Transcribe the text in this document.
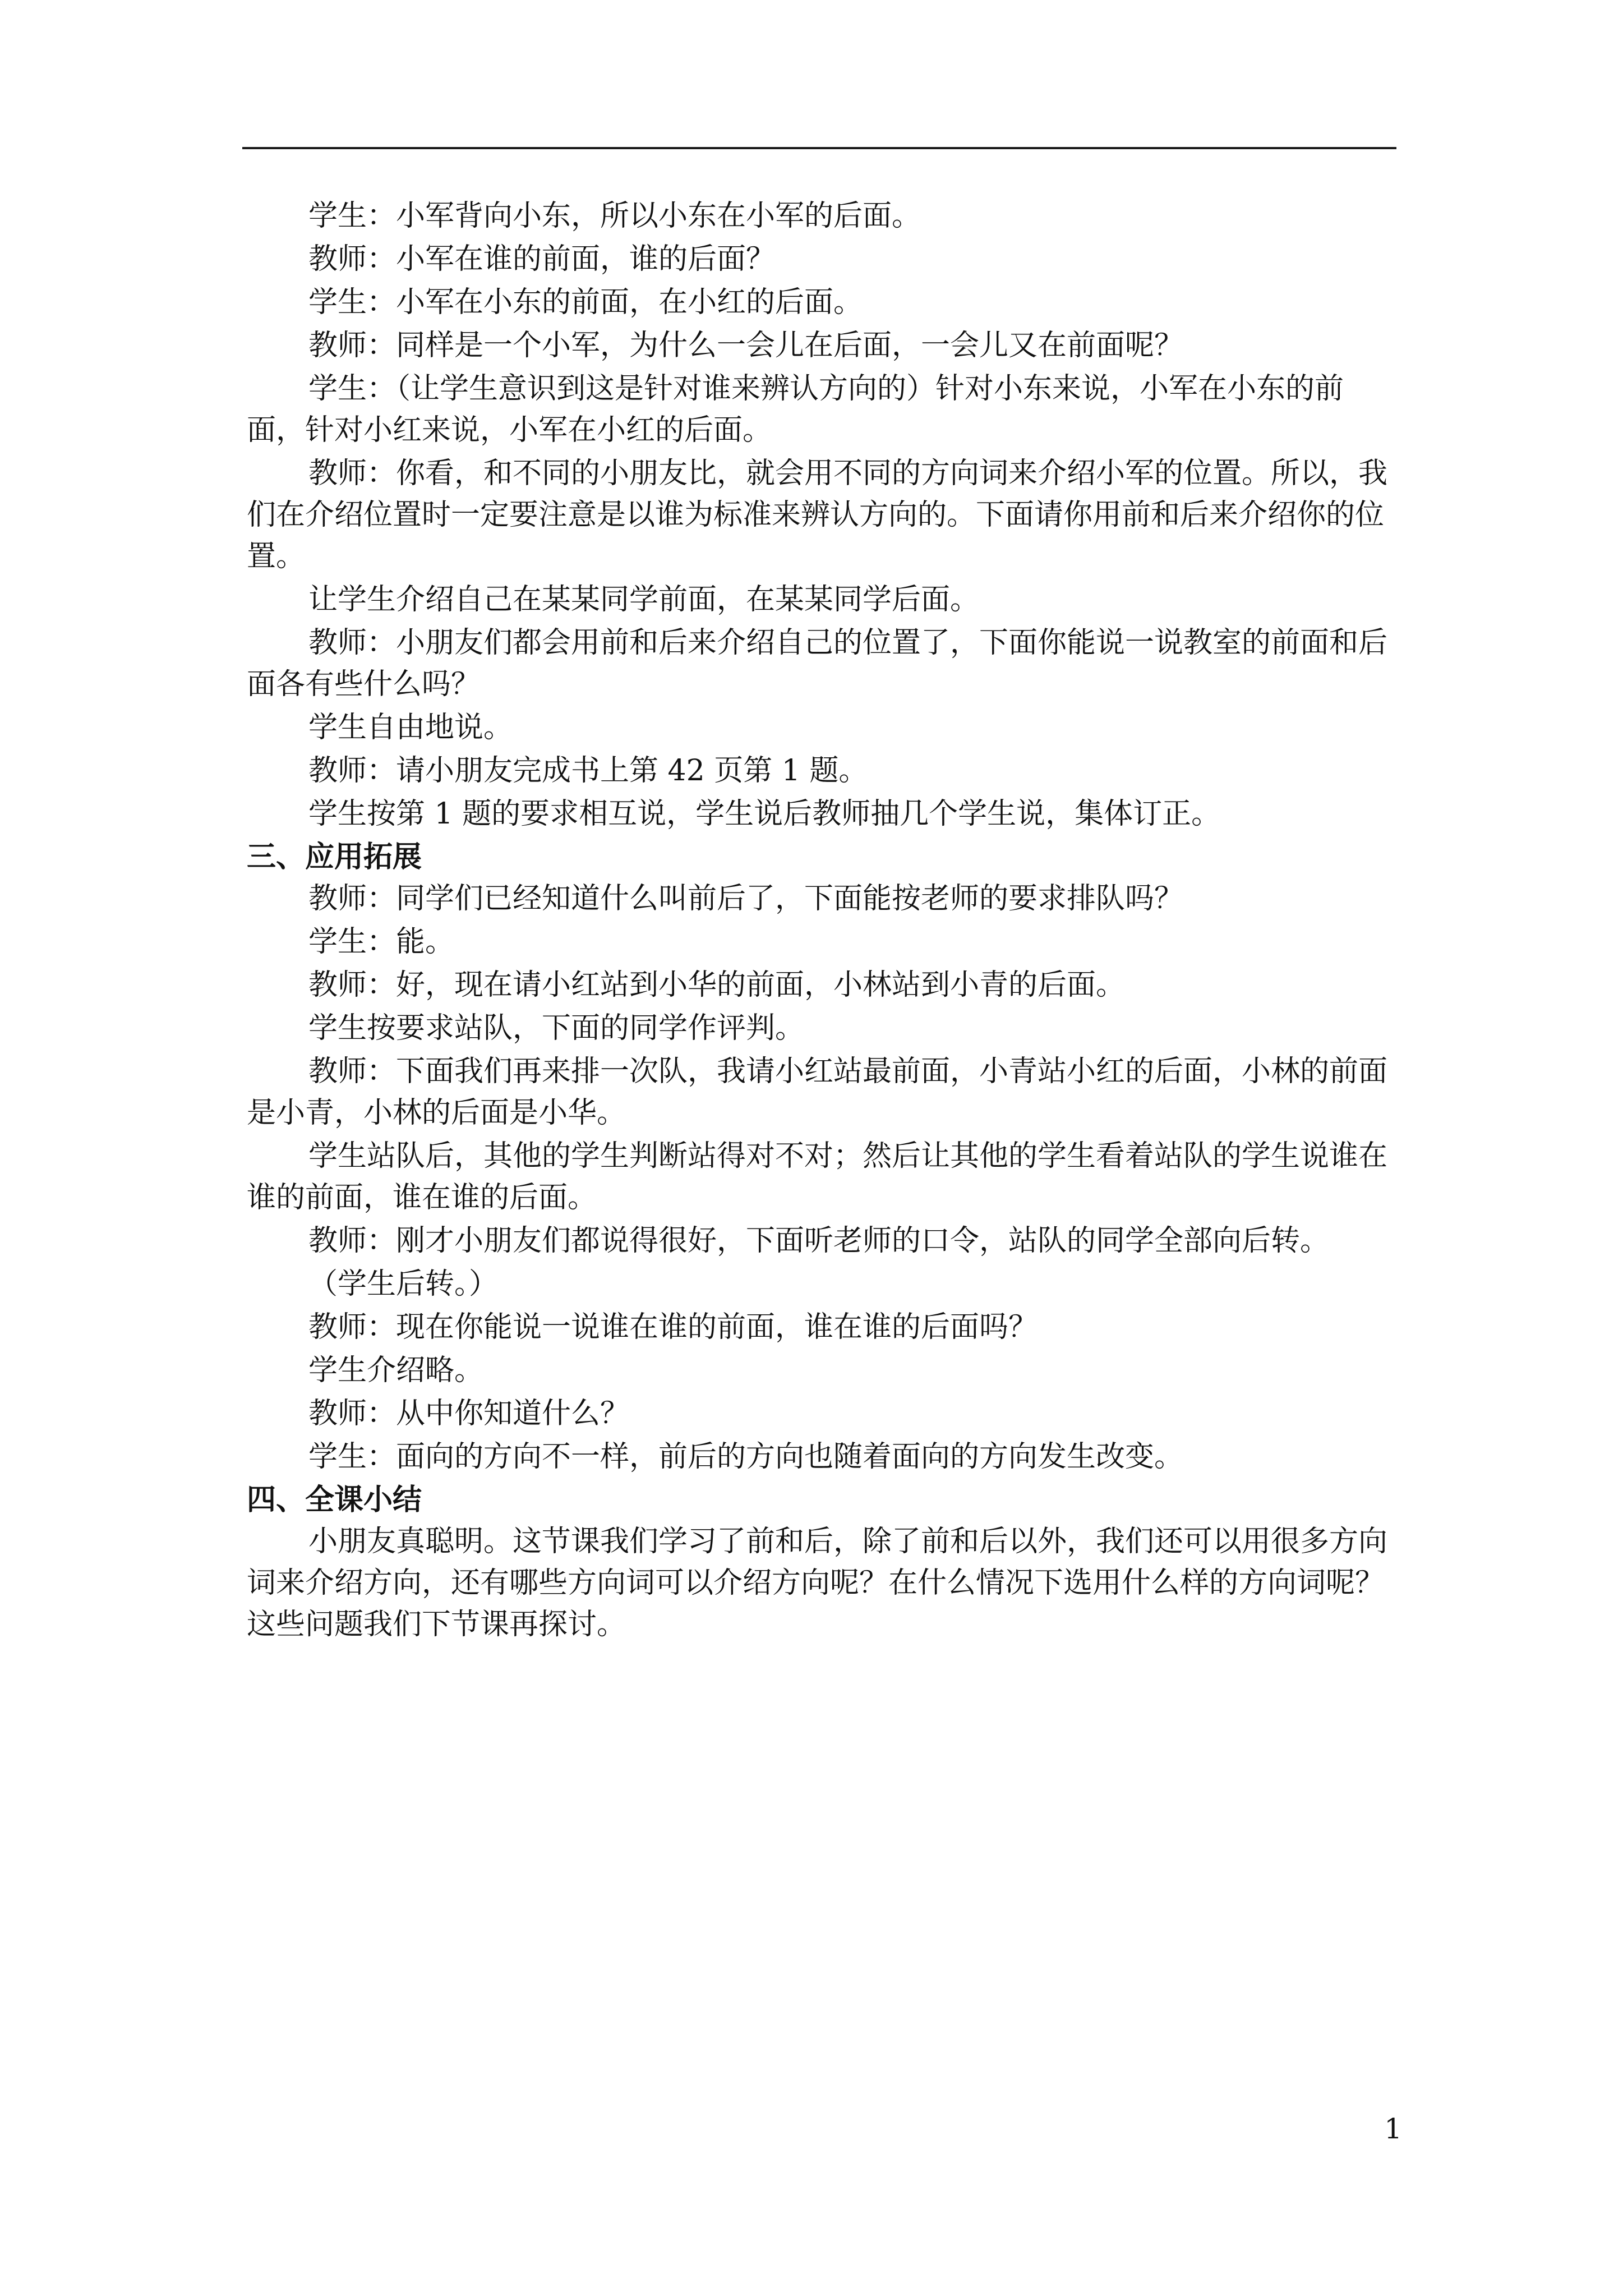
学生：小军背向小东，所以小东在小军的后面。

教师：小军在谁的前面，谁的后面？

学生：小军在小东的前面，在小红的后面。

教师：同样是一个小军，为什么一会儿在后面，一会儿又在前面呢？

学生：（让学生意识到这是针对谁来辨认方向的）针对小东来说，小军在小东的前面，针对小红来说，小军在小红的后面。

教师：你看，和不同的小朋友比，就会用不同的方向词来介绍小军的位置。所以，我们在介绍位置时一定要注意是以谁为标准来辨认方向的。下面请你用前和后来介绍你的位置。

让学生介绍自己在某某同学前面，在某某同学后面。

教师：小朋友们都会用前和后来介绍自己的位置了，下面你能说一说教室的前面和后面各有些什么吗？

学生自由地说。

教师：请小朋友完成书上第 42 页第 1 题。

学生按第 1 题的要求相互说，学生说后教师抽几个学生说，集体订正。

三、应用拓展

教师：同学们已经知道什么叫前后了，下面能按老师的要求排队吗？

学生：能。

教师：好，现在请小红站到小华的前面，小林站到小青的后面。

学生按要求站队，下面的同学作评判。

教师：下面我们再来排一次队，我请小红站最前面，小青站小红的后面，小林的前面是小青，小林的后面是小华。

学生站队后，其他的学生判断站得对不对；然后让其他的学生看着站队的学生说谁在谁的前面，谁在谁的后面。

教师：刚才小朋友们都说得很好，下面听老师的口令，站队的同学全部向后转。

（学生后转。）

教师：现在你能说一说谁在谁的前面，谁在谁的后面吗？

学生介绍略。

教师：从中你知道什么？

学生：面向的方向不一样，前后的方向也随着面向的方向发生改变。

四、全课小结

小朋友真聪明。这节课我们学习了前和后，除了前和后以外，我们还可以用很多方向词来介绍方向，还有哪些方向词可以介绍方向呢？在什么情况下选用什么样的方向词呢？这些问题我们下节课再探讨。

1
